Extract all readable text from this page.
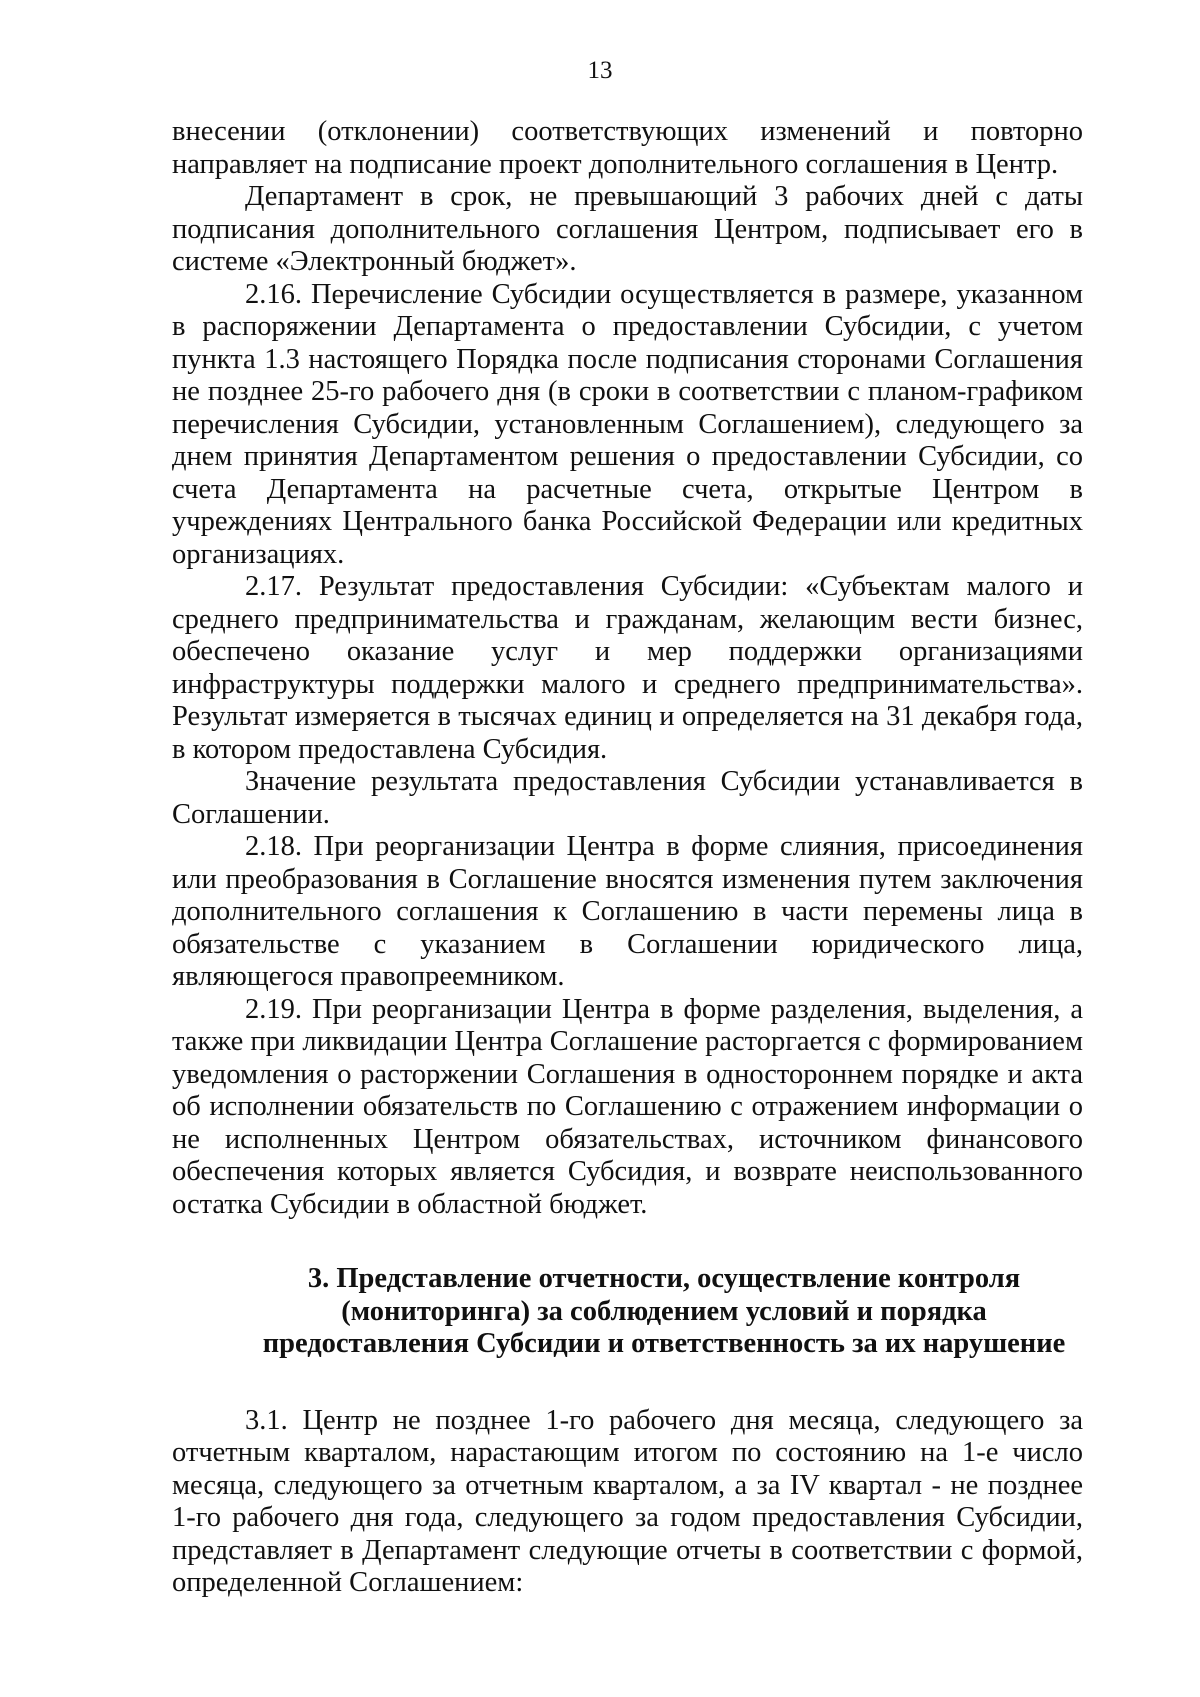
13

внесении (отклонении) соответствующих изменений и повторно направляет на подписание проект дополнительного соглашения в Центр.

Департамент в срок, не превышающий 3 рабочих дней с даты подписания дополнительного соглашения Центром, подписывает его в системе «Электронный бюджет».

2.16. Перечисление Субсидии осуществляется в размере, указанном в распоряжении Департамента о предоставлении Субсидии, с учетом пункта 1.3 настоящего Порядка после подписания сторонами Соглашения не позднее 25-го рабочего дня (в сроки в соответствии с планом-графиком перечисления Субсидии, установленным Соглашением), следующего за днем принятия Департаментом решения о предоставлении Субсидии, со счета Департамента на расчетные счета, открытые Центром в учреждениях Центрального банка Российской Федерации или кредитных организациях.

2.17. Результат предоставления Субсидии: «Субъектам малого и среднего предпринимательства и гражданам, желающим вести бизнес, обеспечено оказание услуг и мер поддержки организациями инфраструктуры поддержки малого и среднего предпринимательства». Результат измеряется в тысячах единиц и определяется на 31 декабря года, в котором предоставлена Субсидия.

Значение результата предоставления Субсидии устанавливается в Соглашении.

2.18. При реорганизации Центра в форме слияния, присоединения или преобразования в Соглашение вносятся изменения путем заключения дополнительного соглашения к Соглашению в части перемены лица в обязательстве с указанием в Соглашении юридического лица, являющегося правопреемником.

2.19. При реорганизации Центра в форме разделения, выделения, а также при ликвидации Центра Соглашение расторгается с формированием уведомления о расторжении Соглашения в одностороннем порядке и акта об исполнении обязательств по Соглашению с отражением информации о не исполненных Центром обязательствах, источником финансового обеспечения которых является Субсидия, и возврате неиспользованного остатка Субсидии в областной бюджет.

3. Представление отчетности, осуществление контроля
(мониторинга) за соблюдением условий и порядка
предоставления Субсидии и ответственность за их нарушение

3.1. Центр не позднее 1-го рабочего дня месяца, следующего за отчетным кварталом, нарастающим итогом по состоянию на 1-е число месяца, следующего за отчетным кварталом, а за IV квартал - не позднее 1-го рабочего дня года, следующего за годом предоставления Субсидии, представляет в Департамент следующие отчеты в соответствии с формой, определенной Соглашением:
